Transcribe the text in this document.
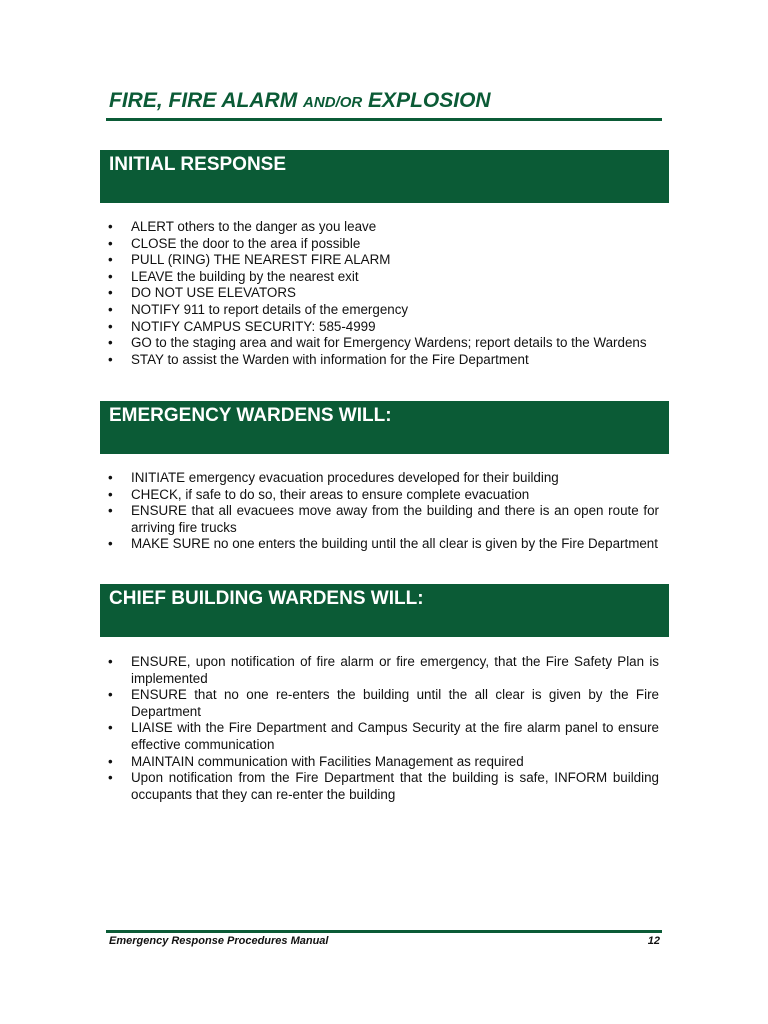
FIRE, FIRE ALARM AND/OR EXPLOSION
INITIAL RESPONSE
• ALERT others to the danger as you leave
• CLOSE the door to the area if possible
• PULL (RING) THE NEAREST FIRE ALARM
• LEAVE the building by the nearest exit
• DO NOT USE ELEVATORS
• NOTIFY 911 to report details of the emergency
• NOTIFY CAMPUS SECURITY: 585-4999
• GO to the staging area and wait for Emergency Wardens; report details to the Wardens
• STAY to assist the Warden with information for the Fire Department
EMERGENCY WARDENS WILL:
• INITIATE emergency evacuation procedures developed for their building
• CHECK, if safe to do so, their areas to ensure complete evacuation
• ENSURE that all evacuees move away from the building and there is an open route for arriving fire trucks
• MAKE SURE no one enters the building until the all clear is given by the Fire Department
CHIEF BUILDING WARDENS WILL:
• ENSURE, upon notification of fire alarm or fire emergency, that the Fire Safety Plan is implemented
• ENSURE that no one re-enters the building until the all clear is given by the Fire Department
• LIAISE with the Fire Department and Campus Security at the fire alarm panel to ensure effective communication
• MAINTAIN communication with Facilities Management as required
• Upon notification from the Fire Department that the building is safe, INFORM building occupants that they can re-enter the building
Emergency Response Procedures Manual	12
